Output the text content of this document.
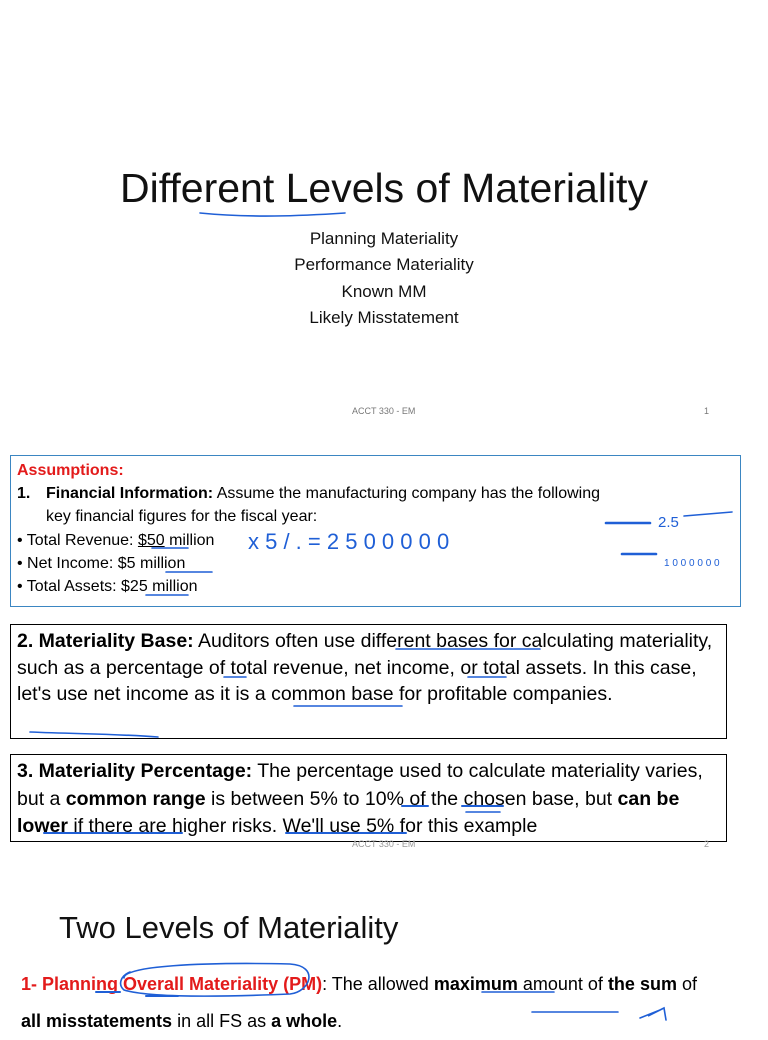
Different Levels of Materiality
Planning Materiality
Performance Materiality
Known MM
Likely Misstatement
ACCT 330 - EM	1
Assumptions:
1. Financial Information: Assume the manufacturing company has the following
key financial figures for the fiscal year:
• Total Revenue: $50 million
• Net Income: $5 million
• Total Assets: $25 million
2. Materiality Base: Auditors often use different bases for calculating materiality, such as a percentage of total revenue, net income, or total assets. In this case, let's use net income as it is a common base for profitable companies.
3. Materiality Percentage: The percentage used to calculate materiality varies, but a common range is between 5% to 10% of the chosen base, but can be lower if there are higher risks. We'll use 5% for this example
ACCT 330 - EM	2
Two Levels of Materiality
1- Planning Overall Materiality (PM): The allowed maximum amount of the sum of all misstatements in all FS as a whole.
x 5 / . = 2 5 0 0 0 0 0
2.5
1 0 0 0 0 0 0
